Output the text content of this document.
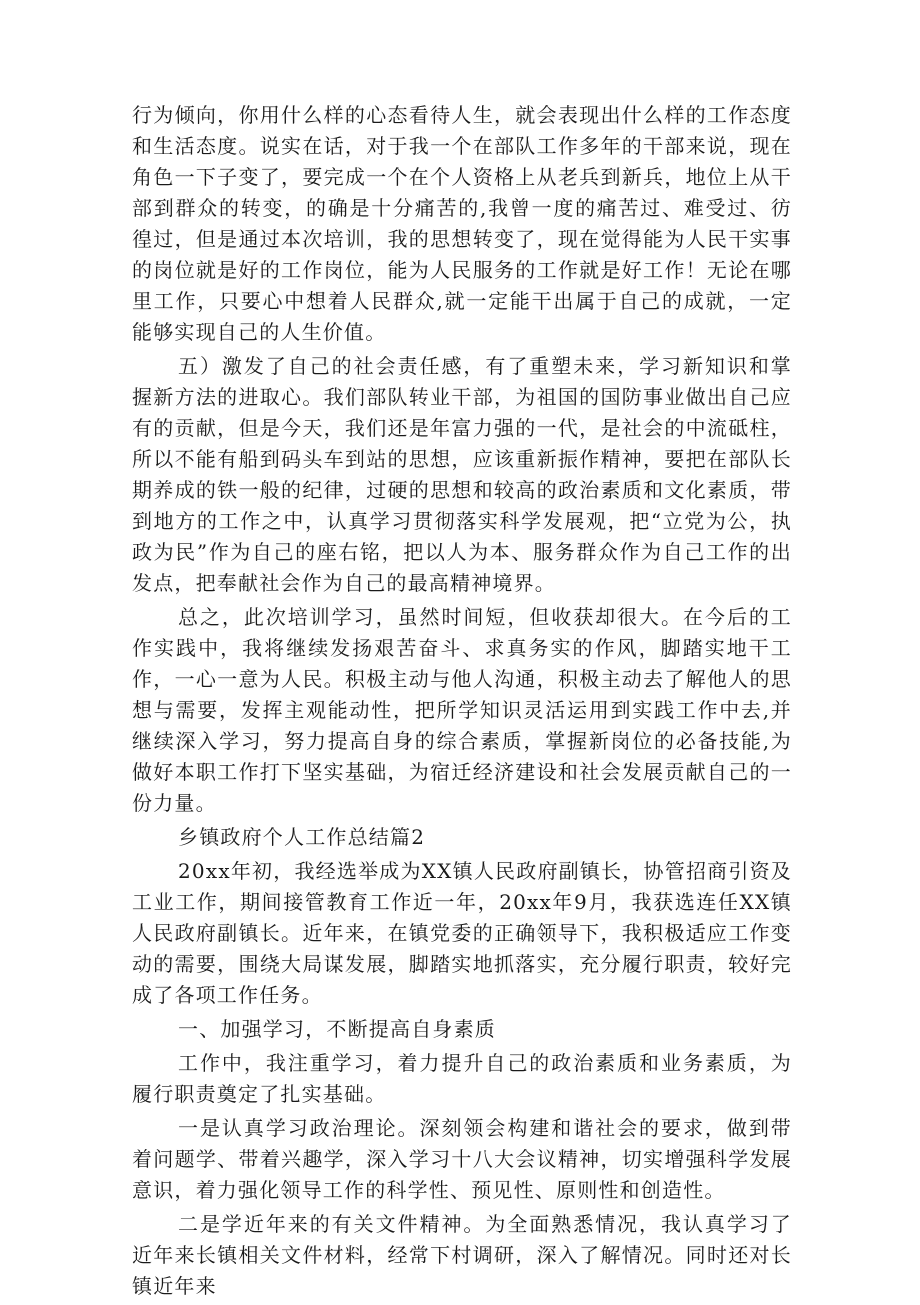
行为倾向，你用什么样的心态看待人生，就会表现出什么样的工作态度和生活态度。说实在话，对于我一个在部队工作多年的干部来说，现在角色一下子变了，要完成一个在个人资格上从老兵到新兵，地位上从干部到群众的转变，的确是十分痛苦的,我曾一度的痛苦过、难受过、彷徨过，但是通过本次培训，我的思想转变了，现在觉得能为人民干实事的岗位就是好的工作岗位，能为人民服务的工作就是好工作！无论在哪里工作，只要心中想着人民群众,就一定能干出属于自己的成就，一定能够实现自己的人生价值。

五）激发了自己的社会责任感，有了重塑未来，学习新知识和掌握新方法的进取心。我们部队转业干部，为祖国的国防事业做出自己应有的贡献，但是今天，我们还是年富力强的一代，是社会的中流砥柱，所以不能有船到码头车到站的思想，应该重新振作精神，要把在部队长期养成的铁一般的纪律，过硬的思想和较高的政治素质和文化素质，带到地方的工作之中，认真学习贯彻落实科学发展观，把“立党为公，执政为民”作为自己的座右铭，把以人为本、服务群众作为自己工作的出发点，把奉献社会作为自己的最高精神境界。

总之，此次培训学习，虽然时间短，但收获却很大。在今后的工作实践中，我将继续发扬艰苦奋斗、求真务实的作风，脚踏实地干工作，一心一意为人民。积极主动与他人沟通，积极主动去了解他人的思想与需要，发挥主观能动性，把所学知识灵活运用到实践工作中去,并继续深入学习，努力提高自身的综合素质，掌握新岗位的必备技能,为做好本职工作打下坚实基础，为宿迁经济建设和社会发展贡献自己的一份力量。

乡镇政府个人工作总结篇2

20xx年初，我经选举成为XX镇人民政府副镇长，协管招商引资及工业工作，期间接管教育工作近一年，20xx年9月，我获选连任XX镇人民政府副镇长。近年来，在镇党委的正确领导下，我积极适应工作变动的需要，围绕大局谋发展，脚踏实地抓落实，充分履行职责，较好完成了各项工作任务。

一、加强学习，不断提高自身素质

工作中，我注重学习，着力提升自己的政治素质和业务素质，为履行职责奠定了扎实基础。

一是认真学习政治理论。深刻领会构建和谐社会的要求，做到带着问题学、带着兴趣学，深入学习十八大会议精神，切实增强科学发展意识，着力强化领导工作的科学性、预见性、原则性和创造性。

二是学近年来的有关文件精神。为全面熟悉情况，我认真学习了近年来长镇相关文件材料，经常下村调研，深入了解情况。同时还对长镇近年来
